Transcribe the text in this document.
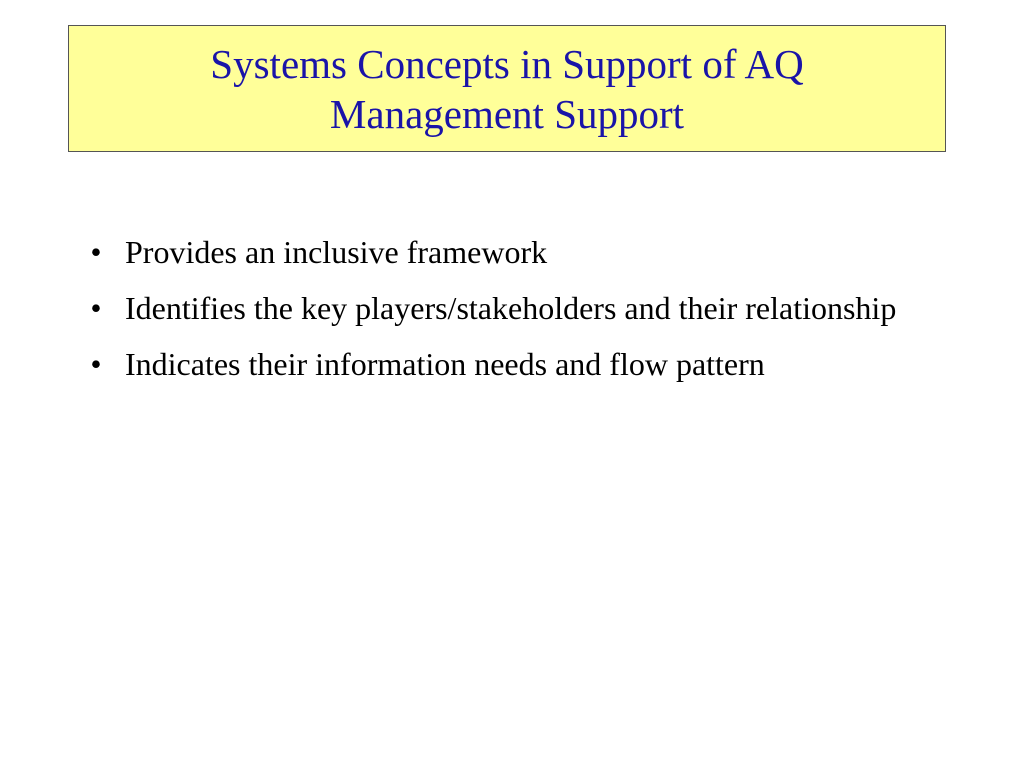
Systems Concepts in Support of AQ
Management Support
• Provides an inclusive framework
• Identifies the key players/stakeholders and their relationship
• Indicates their information needs and flow pattern
